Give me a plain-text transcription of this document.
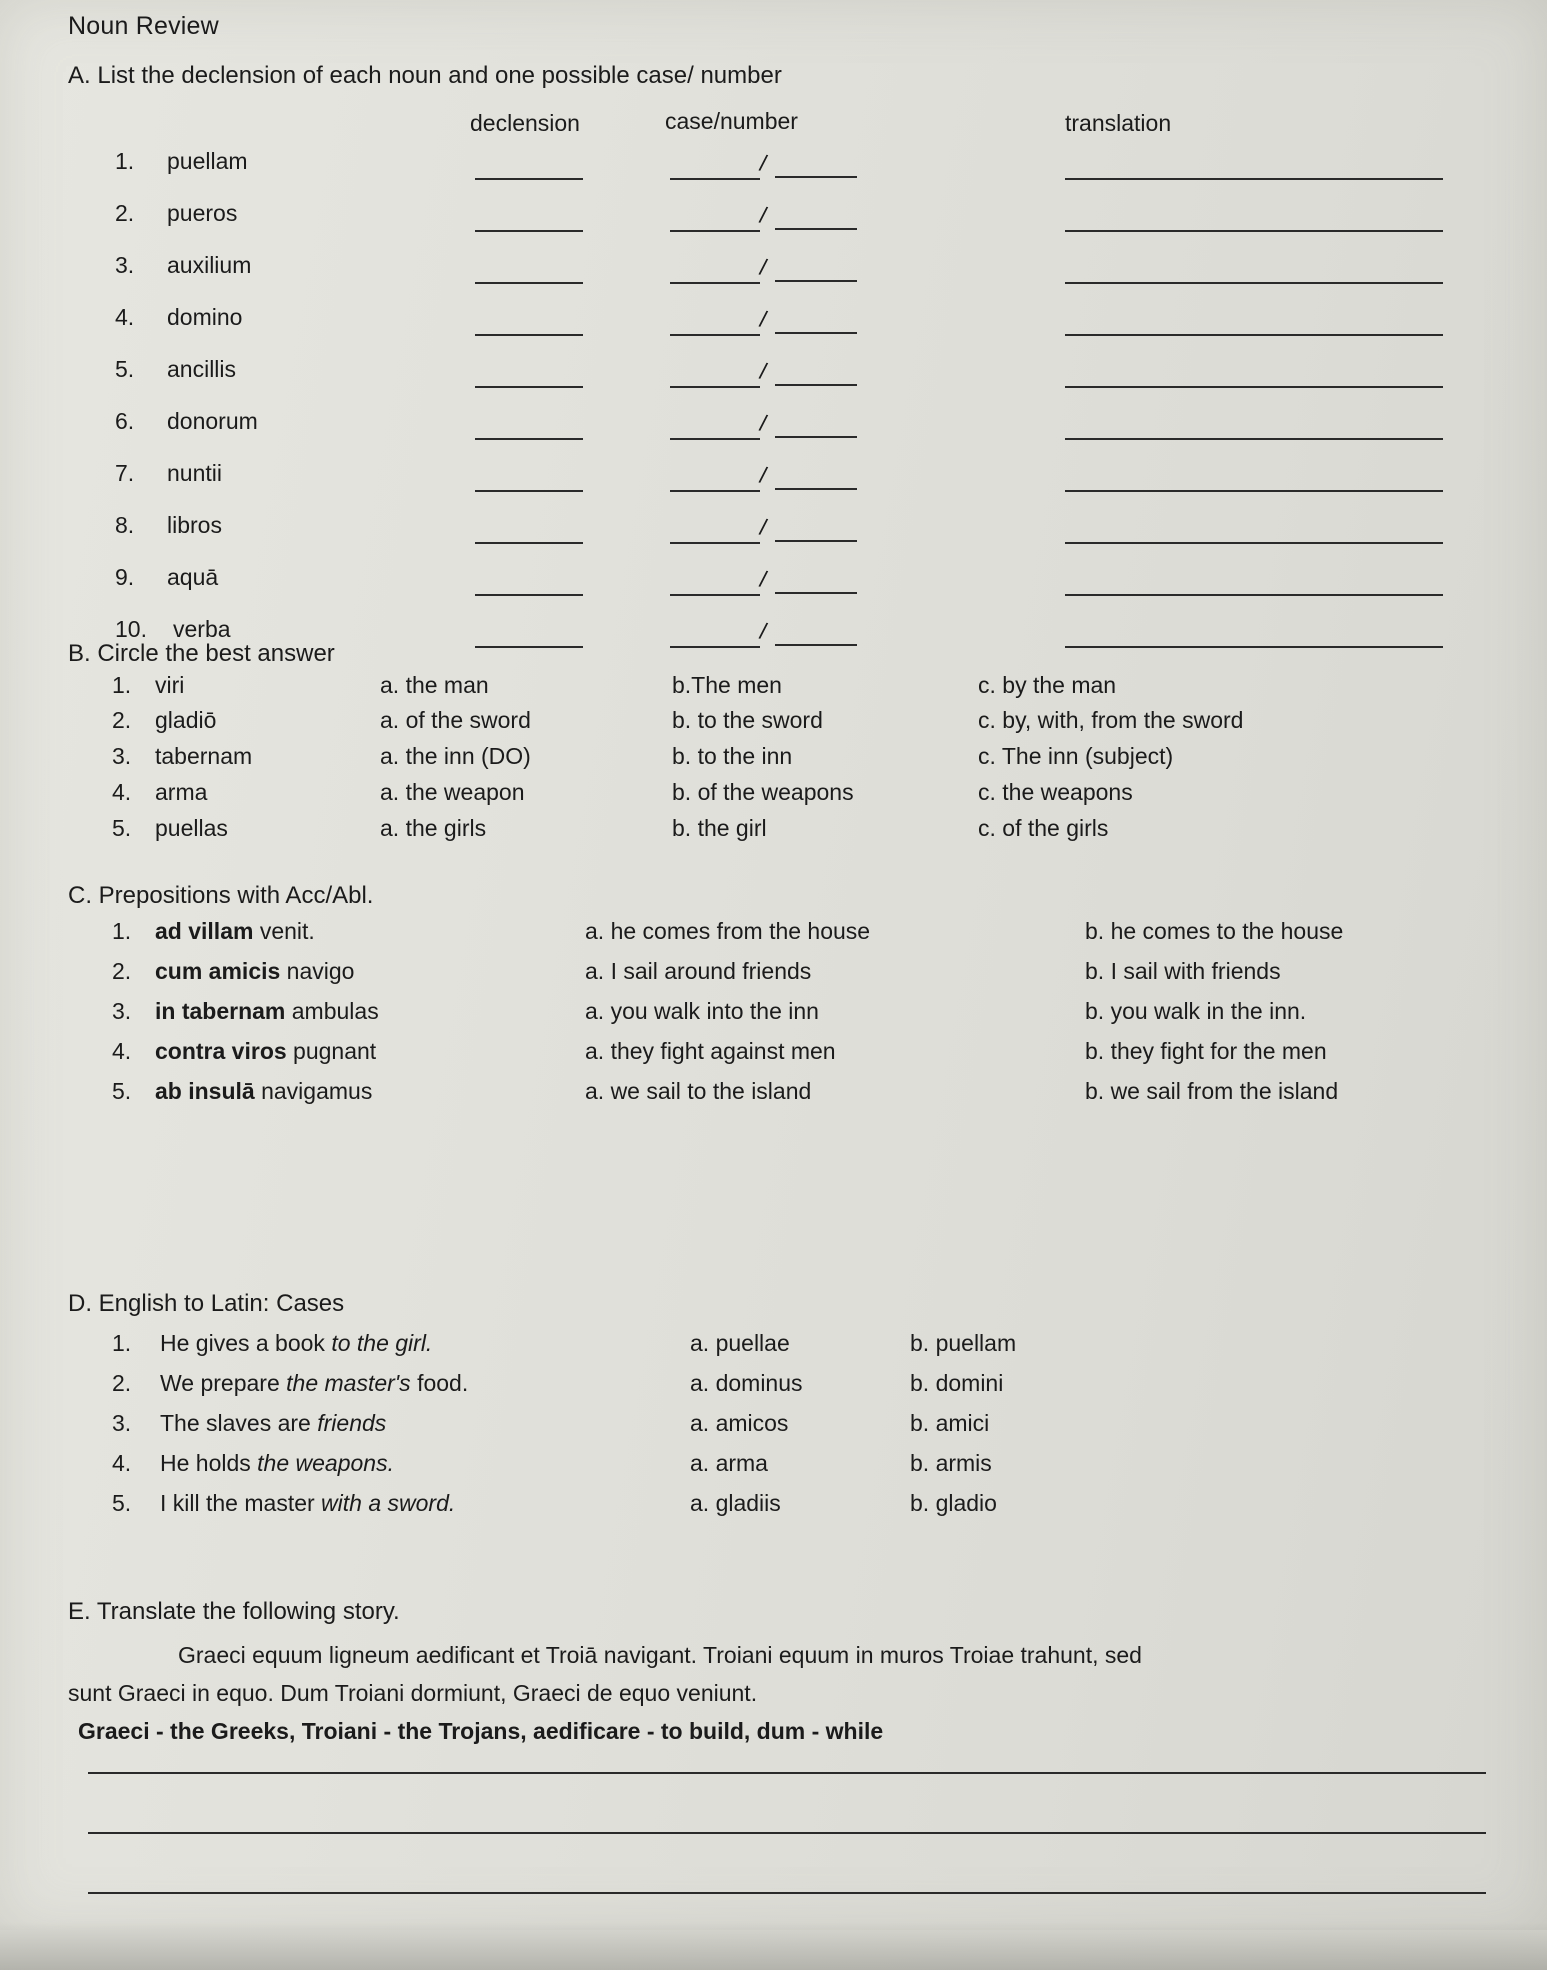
Noun Review
A. List the declension of each noun and one possible case/ number
declension	case/number	translation
1.	puellam	/
2.	pueros	/
3.	auxilium	/
4.	domino	/
5.	ancillis	/
6.	donorum	/
7.	nuntii	/
8.	libros	/
9.	aquā	/
10.	verba	/
B. Circle the best answer
1. viri	a. the man	b.The men	c. by the man
2. gladiō	a. of the sword	b. to the sword	c. by, with, from the sword
3. tabernam	a. the inn (DO)	b. to the inn	c. The inn (subject)
4. arma	a. the weapon	b. of the weapons	c. the weapons
5. puellas	a. the girls	b. the girl	c. of the girls
C. Prepositions with Acc/Abl.
1. ad villam venit.	a. he comes from the house	b. he comes to the house
2. cum amicis navigo	a. I sail around friends	b. I sail with friends
3. in tabernam ambulas	a. you walk into the inn	b. you walk in the inn.
4. contra viros pugnant	a. they fight against men	b. they fight for the men
5. ab insulā navigamus	a. we sail to the island	b. we sail from the island
D. English to Latin: Cases
1. He gives a book to the girl.	a. puellae	b. puellam
2. We prepare the master's food.	a. dominus	b. domini
3. The slaves are friends	a. amicos	b. amici
4. He holds the weapons.	a. arma	b. armis
5. I kill the master with a sword.	a. gladiis	b. gladio
E. Translate the following story.
Graeci equum ligneum aedificant et Troiā navigant. Troiani equum in muros Troiae trahunt, sed
sunt Graeci in equo. Dum Troiani dormiunt, Graeci de equo veniunt.
Graeci - the Greeks, Troiani - the Trojans, aedificare - to build, dum - while
